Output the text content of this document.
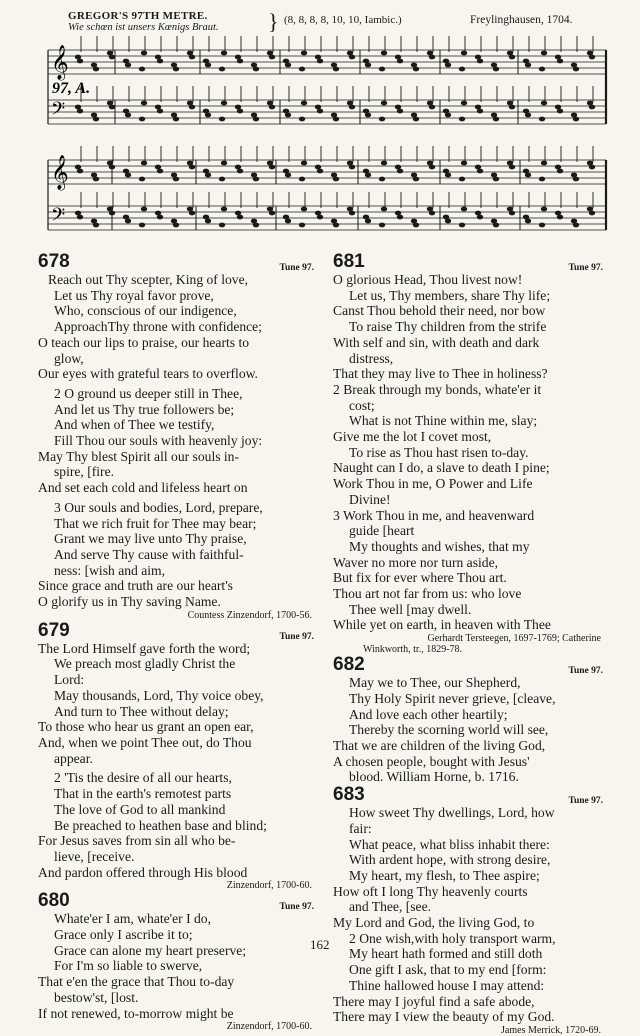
GREGOR'S 97TH METRE.
Wie schœn ist unsers Kœnigs Braut. } (8, 8, 8, 8, 10, 10, Iambic.)	Freylinghausen, 1704.
𝄞
𝄢
𝄞
𝄢
97, A.
678	Tune 97.
Reach out Thy scepter, King of love,
Let us Thy royal favor prove,
Who, conscious of our indigence,
ApproachThy throne with confidence;
O teach our lips to praise, our hearts to
glow,
Our eyes with grateful tears to overflow.
2 O ground us deeper still in Thee,
And let us Thy true followers be;
And when of Thee we testify,
Fill Thou our souls with heavenly joy:
May Thy blest Spirit all our souls in-
spire, [fire.
And set each cold and lifeless heart on
3 Our souls and bodies, Lord, prepare,
That we rich fruit for Thee may bear;
Grant we may live unto Thy praise,
And serve Thy cause with faithful-
ness: [wish and aim,
Since grace and truth are our heart's
O glorify us in Thy saving Name.
Countess Zinzendorf, 1700-56.
679	Tune 97.
The Lord Himself gave forth the word;
We preach most gladly Christ the
Lord:
May thousands, Lord, Thy voice obey,
And turn to Thee without delay;
To those who hear us grant an open ear,
And, when we point Thee out, do Thou
appear.
2 'Tis the desire of all our hearts,
That in the earth's remotest parts
The love of God to all mankind
Be preached to heathen base and blind;
For Jesus saves from sin all who be-
lieve, [receive.
And pardon offered through His blood
Zinzendorf, 1700-60.
680	Tune 97.
Whate'er I am, whate'er I do,
Grace only I ascribe it to;
Grace can alone my heart preserve;
For I'm so liable to swerve,
That e'en the grace that Thou to-day
bestow'st, [lost.
If not renewed, to-morrow might be
Zinzendorf, 1700-60.
681	Tune 97.
O glorious Head, Thou livest now!
Let us, Thy members, share Thy life;
Canst Thou behold their need, nor bow
To raise Thy children from the strife
With self and sin, with death and dark
distress,
That they may live to Thee in holiness?
2 Break through my bonds, whate'er it
cost;
What is not Thine within me, slay;
Give me the lot I covet most,
To rise as Thou hast risen to-day.
Naught can I do, a slave to death I pine;
Work Thou in me, O Power and Life
Divine!
3 Work Thou in me, and heavenward
guide [heart
My thoughts and wishes, that my
Waver no more nor turn aside,
But fix for ever where Thou art.
Thou art not far from us: who love
Thee well [may dwell.
While yet on earth, in heaven with Thee
Gerhardt Tersteegen, 1697-1769; Catherine
Winkworth, tr., 1829-78.
682	Tune 97.
May we to Thee, our Shepherd,
Thy Holy Spirit never grieve, [cleave,
And love each other heartily;
Thereby the scorning world will see,
That we are children of the living God,
A chosen people, bought with Jesus'
blood. William Horne, b. 1716.
683	Tune 97.
How sweet Thy dwellings, Lord, how
fair:
What peace, what bliss inhabit there:
With ardent hope, with strong desire,
My heart, my flesh, to Thee aspire;
How oft I long Thy heavenly courts
and Thee, [see.
My Lord and God, the living God, to
2 One wish,with holy transport warm,
My heart hath formed and still doth
One gift I ask, that to my end [form:
Thine hallowed house I may attend:
There may I joyful find a safe abode,
There may I view the beauty of my God.
James Merrick, 1720-69.
162
